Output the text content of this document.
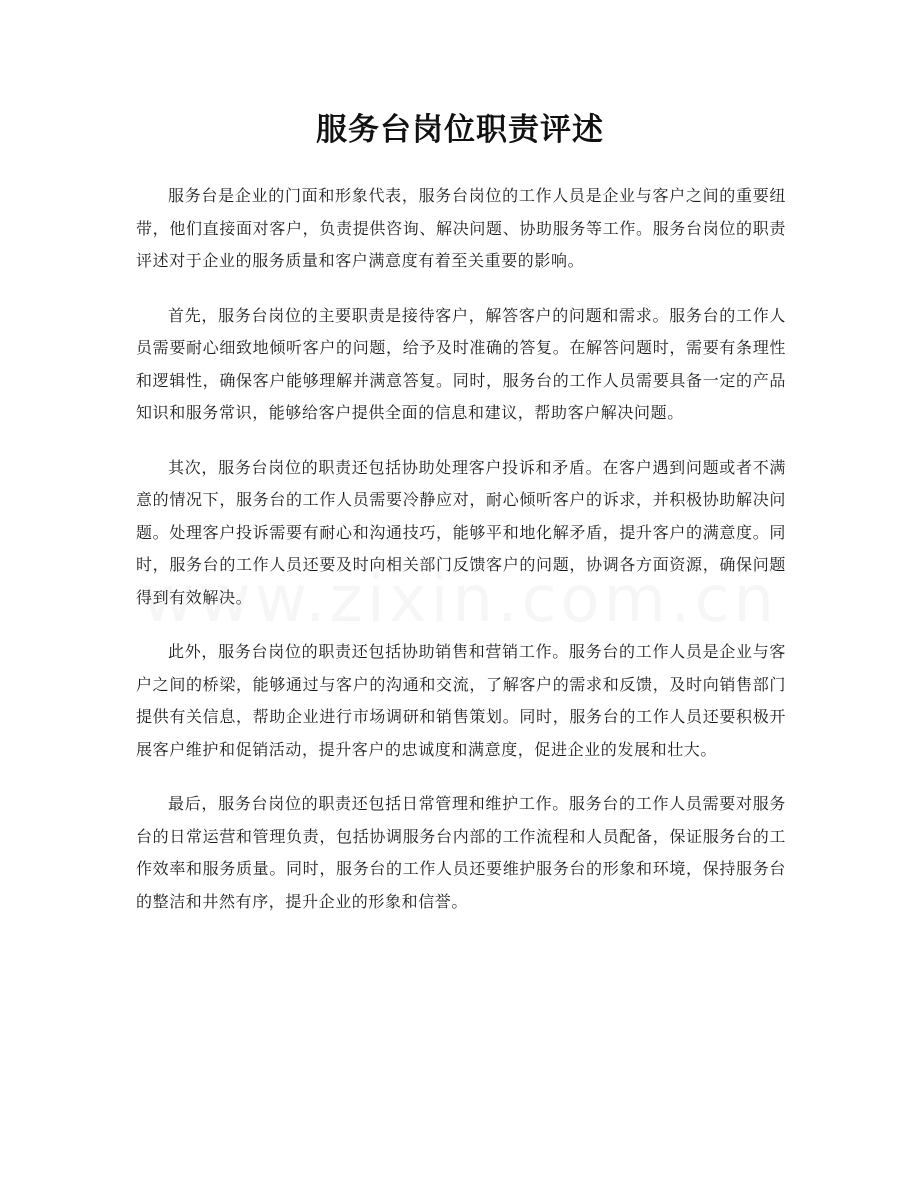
服务台岗位职责评述

服务台是企业的门面和形象代表，服务台岗位的工作人员是企业与客户之间的重要纽带，他们直接面对客户，负责提供咨询、解决问题、协助服务等工作。服务台岗位的职责评述对于企业的服务质量和客户满意度有着至关重要的影响。

首先，服务台岗位的主要职责是接待客户，解答客户的问题和需求。服务台的工作人员需要耐心细致地倾听客户的问题，给予及时准确的答复。在解答问题时，需要有条理性和逻辑性，确保客户能够理解并满意答复。同时，服务台的工作人员需要具备一定的产品知识和服务常识，能够给客户提供全面的信息和建议，帮助客户解决问题。

其次，服务台岗位的职责还包括协助处理客户投诉和矛盾。在客户遇到问题或者不满意的情况下，服务台的工作人员需要冷静应对，耐心倾听客户的诉求，并积极协助解决问题。处理客户投诉需要有耐心和沟通技巧，能够平和地化解矛盾，提升客户的满意度。同时，服务台的工作人员还要及时向相关部门反馈客户的问题，协调各方面资源，确保问题得到有效解决。

此外，服务台岗位的职责还包括协助销售和营销工作。服务台的工作人员是企业与客户之间的桥梁，能够通过与客户的沟通和交流，了解客户的需求和反馈，及时向销售部门提供有关信息，帮助企业进行市场调研和销售策划。同时，服务台的工作人员还要积极开展客户维护和促销活动，提升客户的忠诚度和满意度，促进企业的发展和壮大。

最后，服务台岗位的职责还包括日常管理和维护工作。服务台的工作人员需要对服务台的日常运营和管理负责，包括协调服务台内部的工作流程和人员配备，保证服务台的工作效率和服务质量。同时，服务台的工作人员还要维护服务台的形象和环境，保持服务台的整洁和井然有序，提升企业的形象和信誉。
